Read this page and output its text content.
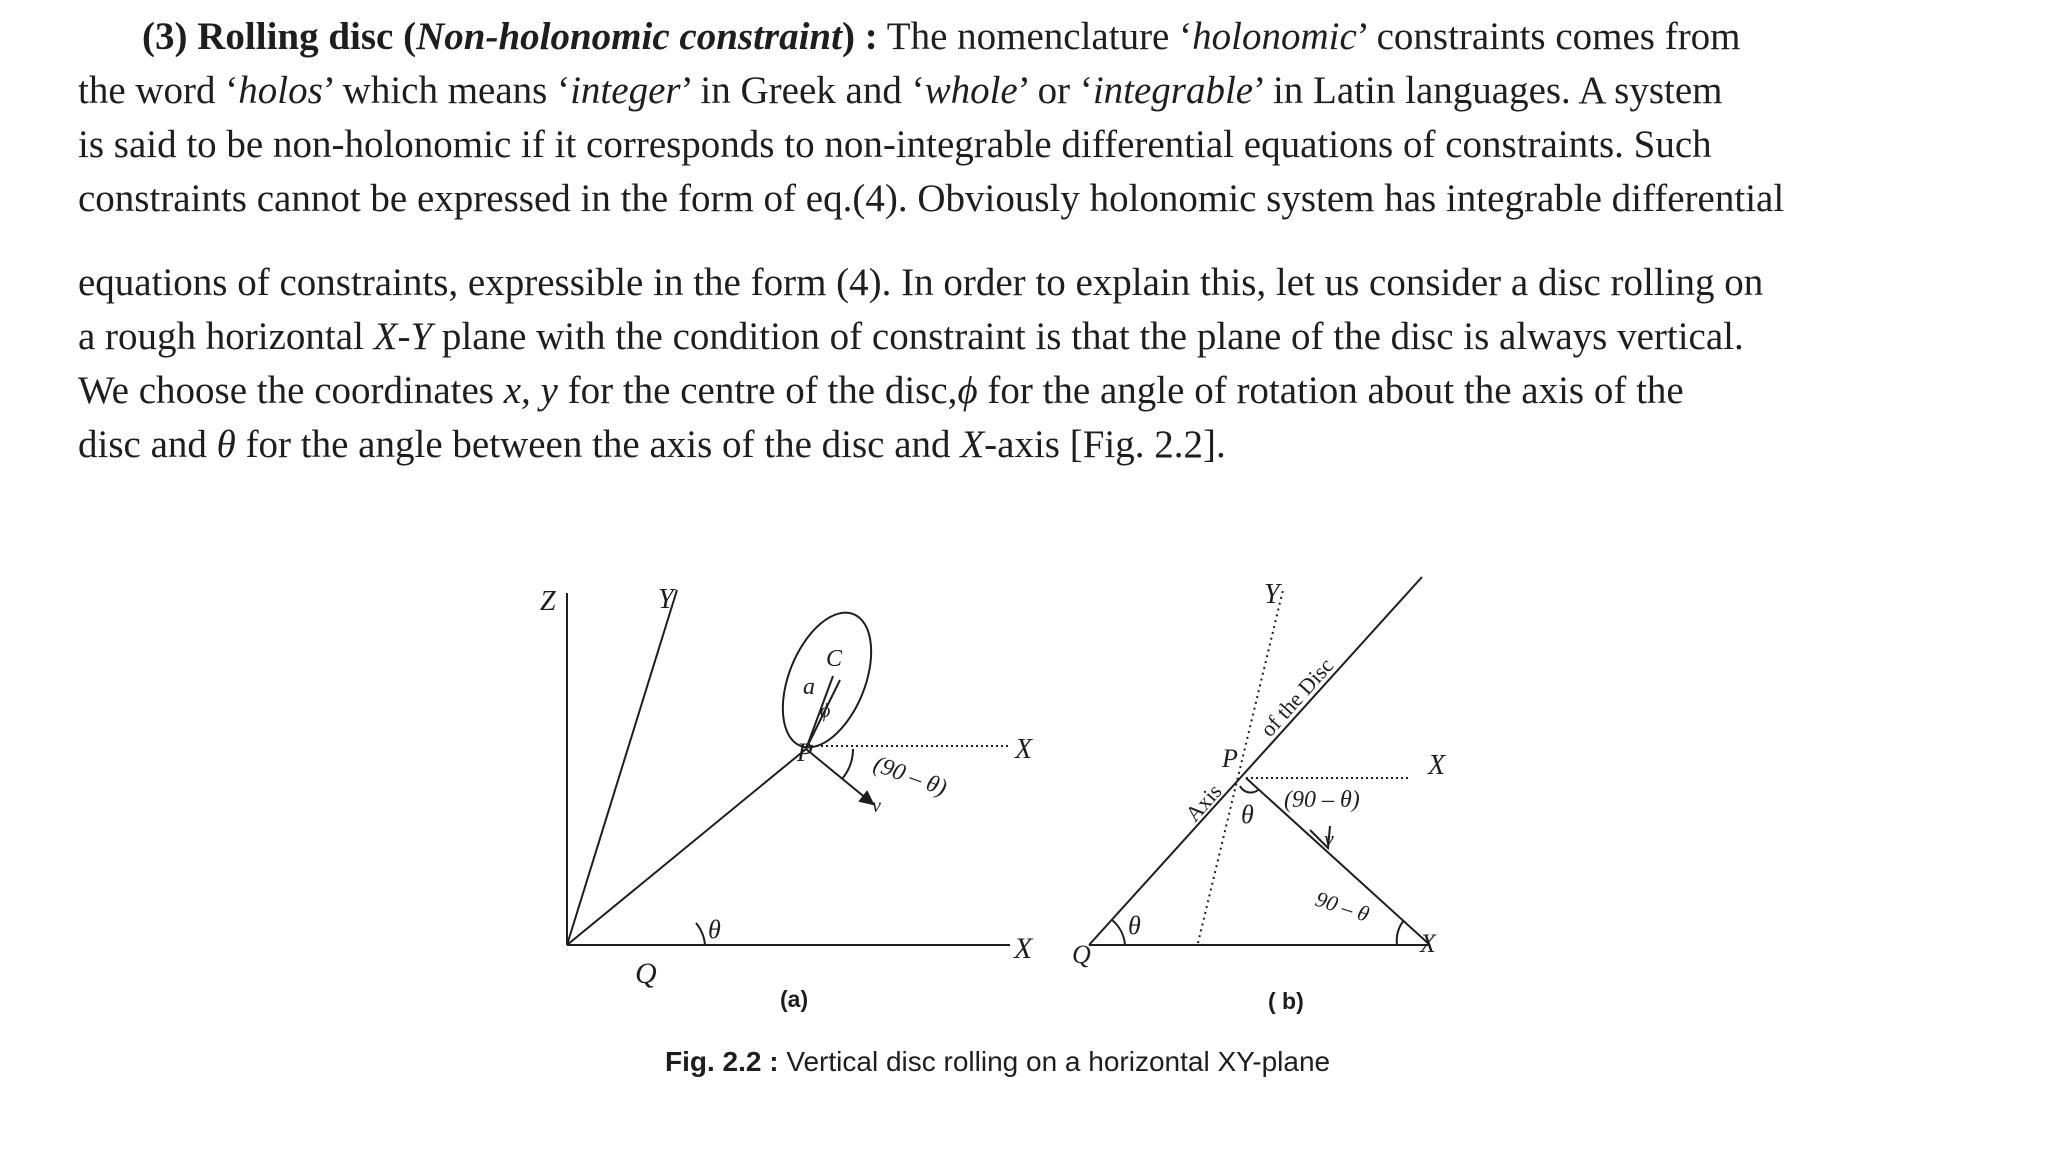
(3) Rolling disc (Non-holonomic constraint) : The nomenclature ‘holonomic’ constraints comes from
the word ‘holos’ which means ‘integer’ in Greek and ‘whole’ or ‘integrable’ in Latin languages. A system
is said to be non-holonomic if it corresponds to non-integrable differential equations of constraints. Such
constraints cannot be expressed in the form of eq.(4). Obviously holonomic system has integrable differential
equations of constraints, expressible in the form (4). In order to explain this, let us consider a disc rolling on
a rough horizontal X-Y plane with the condition of constraint is that the plane of the disc is always vertical.
We choose the coordinates x, y for the centre of the disc,ϕ for the angle of rotation about the axis of the
disc and θ for the angle between the axis of the disc and X-axis [Fig. 2.2].
Z	Y
X
X
Q
P
C
a
ϕ
θ
(90 – θ)
v
Y
X
X
Q
P
Axis
of the Disc
θ
θ (90 – θ)
v
90 – θ
(a)	( b)
Fig. 2.2 : Vertical disc rolling on a horizontal XY-plane
